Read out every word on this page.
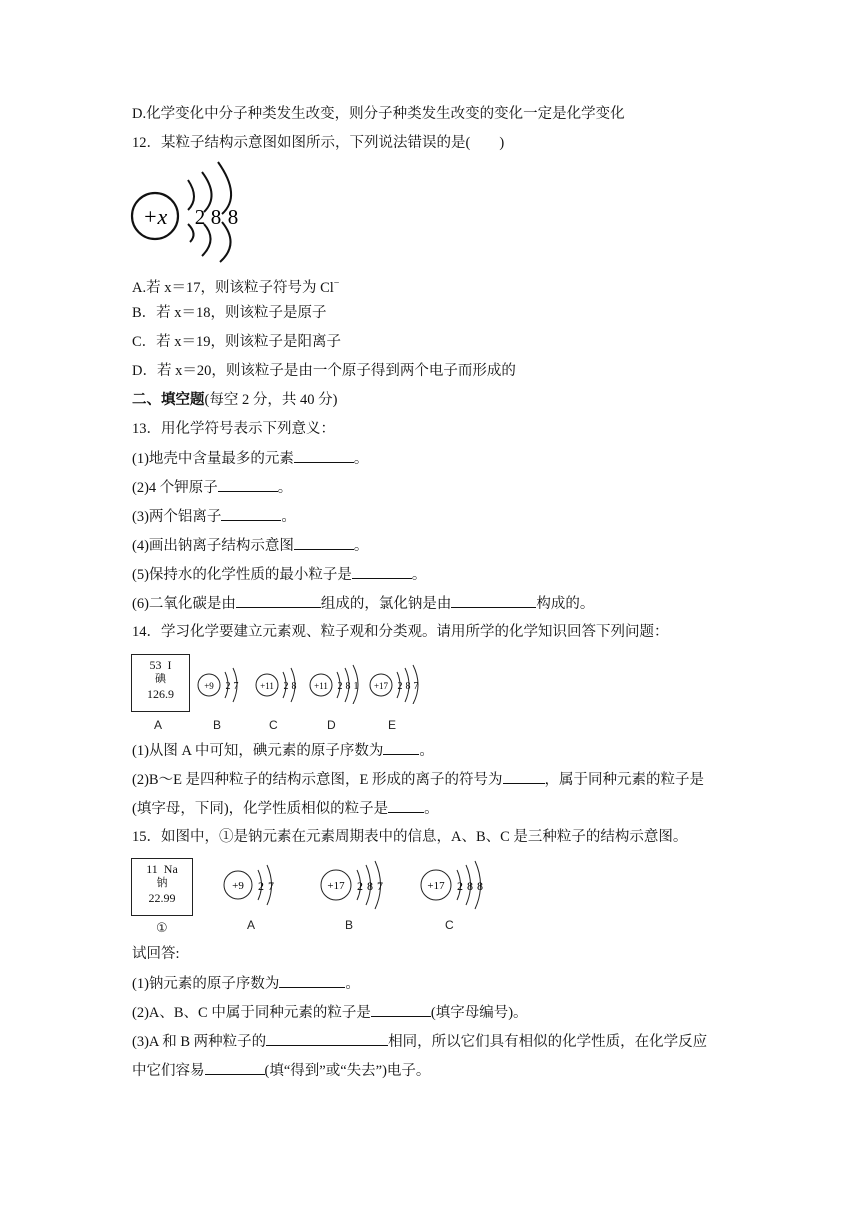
D.化学变化中分子种类发生改变，则分子种类发生改变的变化一定是化学变化
12．某粒子结构示意图如图所示，下列说法错误的是(　　)
+x 2 8 8
A.若 x＝17，则该粒子符号为 Cl−
B．若 x＝18，则该粒子是原子
C．若 x＝19，则该粒子是阳离子
D．若 x＝20，则该粒子是由一个原子得到两个电子而形成的
二、填空题(每空 2 分，共 40 分)
13．用化学符号表示下列意义：
(1)地壳中含量最多的元素	。
(2)4 个钾原子	。
(3)两个铝离子	。
(4)画出钠离子结构示意图	。
(5)保持水的化学性质的最小粒子是	。
(6)二氧化碳是由	组成的，氯化钠是由	构成的。
14．学习化学要建立元素观、粒子观和分类观。请用所学的化学知识回答下列问题：
53 I
碘
126.9
+9 2 7 +11 2 8 +11 2 8 1 +17 2 8 7
A	B	C	D	E
(1)从图 A 中可知，碘元素的原子序数为 。
(2)B～E 是四种粒子的结构示意图，E 形成的离子的符号为	，属于同种元素的粒子是
(填字母，下同)，化学性质相似的粒子是 。
15．如图中，①是钠元素在元素周期表中的信息，A、B、C 是三种粒子的结构示意图。
11 Na
钠
22.99
①
+9 2 7	+17 2 8 7	+17 2 8 8
A	B	C
试回答:
(1)钠元素的原子序数为	。
(2)A、B、C 中属于同种元素的粒子是	(填字母编号)。
(3)A 和 B 两种粒子的	相同，所以它们具有相似的化学性质，在化学反应
中它们容易	(填“得到”或“失去”)电子。
